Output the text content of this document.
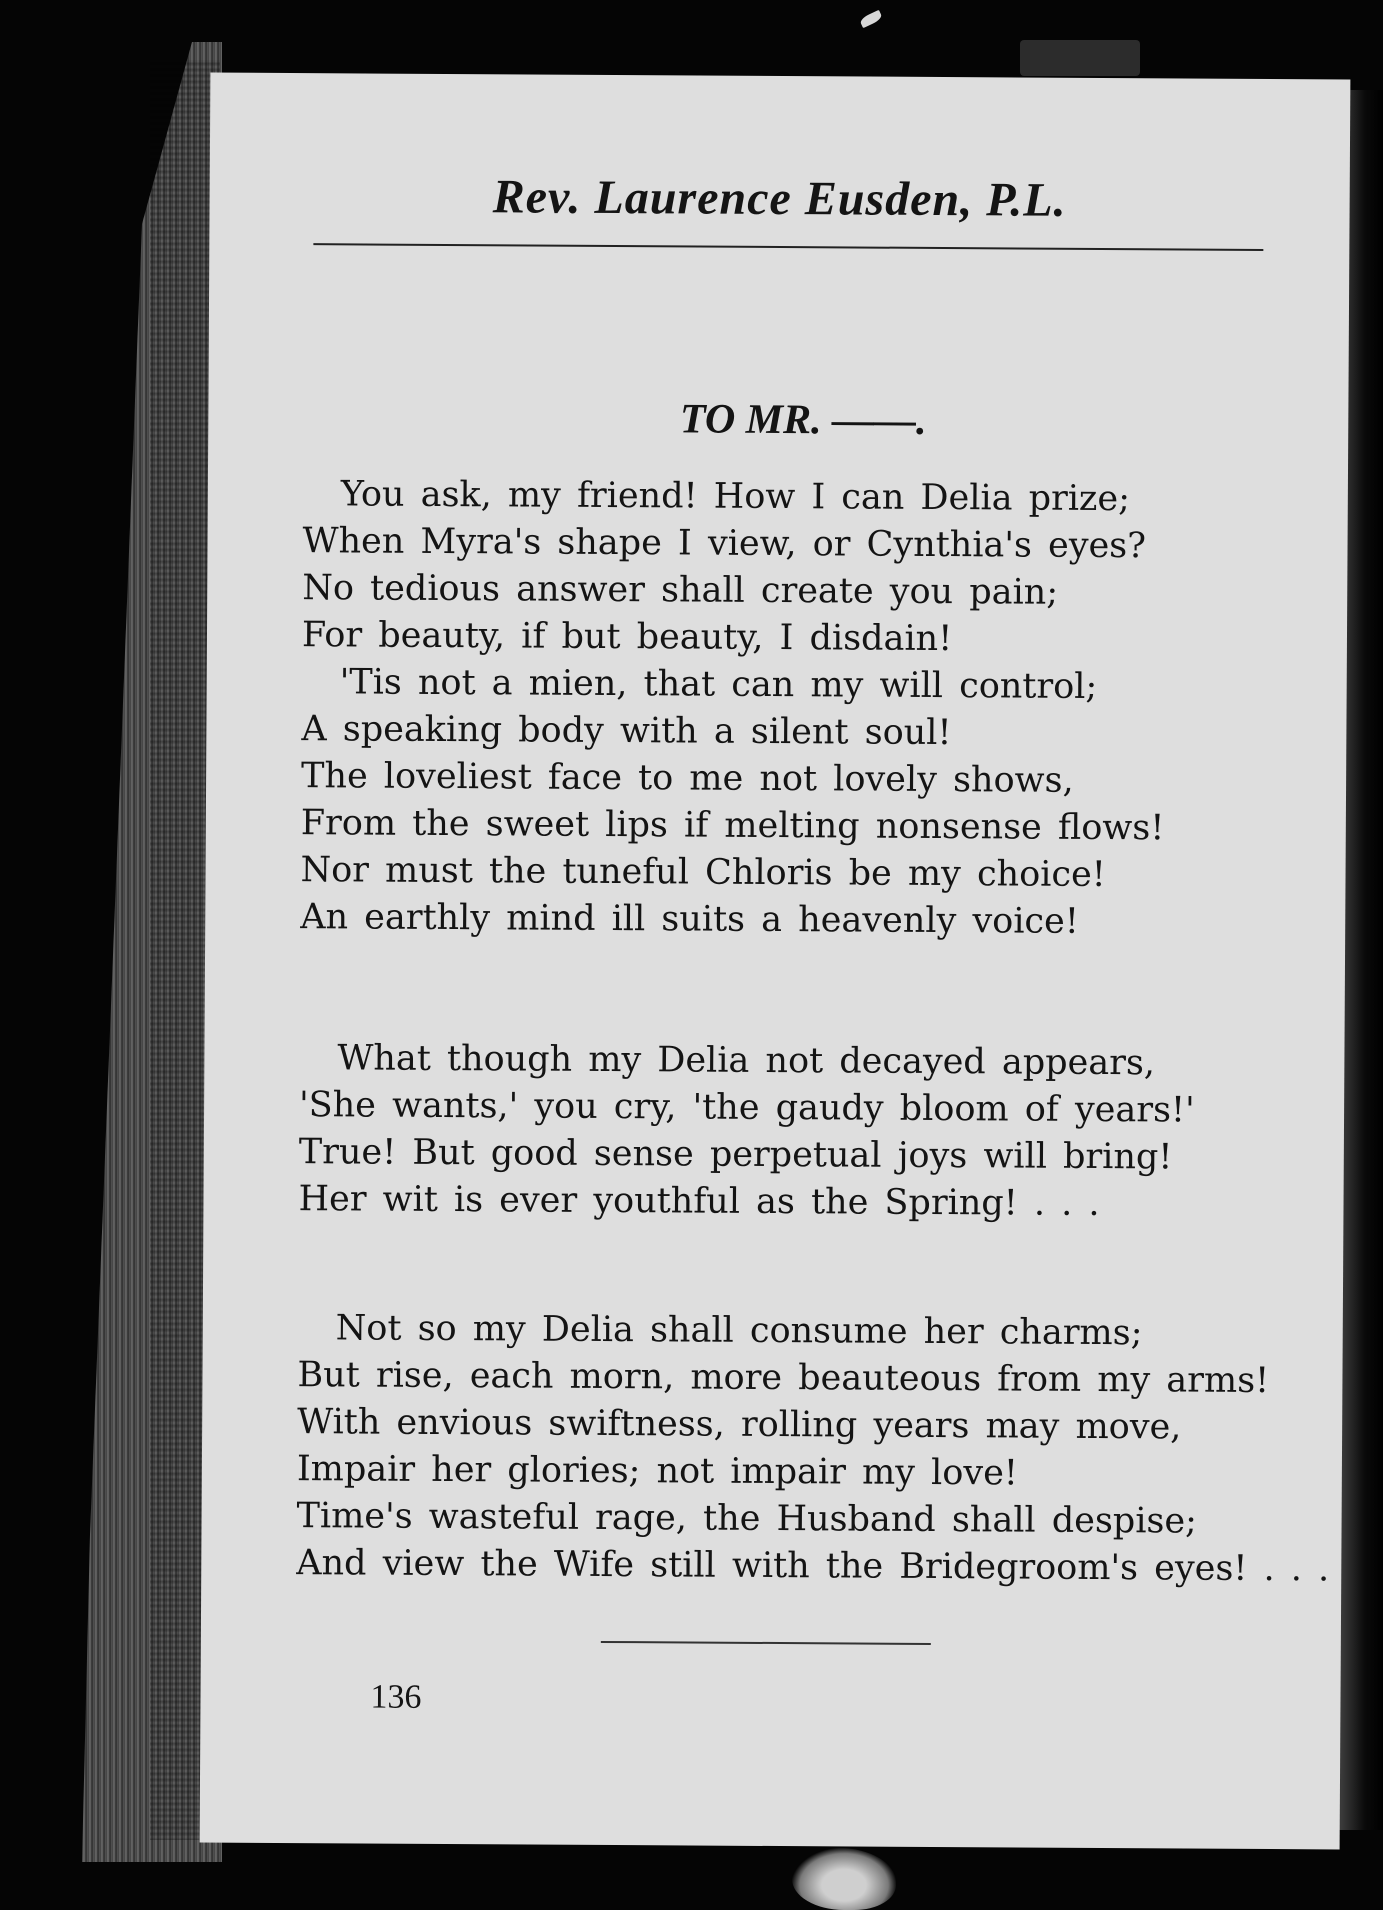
Rev. Laurence Eusden, P.L.
TO MR. ——.
You ask, my friend! How I can Delia prize;
When Myra's shape I view, or Cynthia's eyes?
No tedious answer shall create you pain;
For beauty, if but beauty, I disdain!
'Tis not a mien, that can my will control;
A speaking body with a silent soul!
The loveliest face to me not lovely shows,
From the sweet lips if melting nonsense flows!
Nor must the tuneful Chloris be my choice!
An earthly mind ill suits a heavenly voice!
What though my Delia not decayed appears,
'She wants,' you cry, 'the gaudy bloom of years!'
True! But good sense perpetual joys will bring!
Her wit is ever youthful as the Spring! . . .
Not so my Delia shall consume her charms;
But rise, each morn, more beauteous from my arms!
With envious swiftness, rolling years may move,
Impair her glories; not impair my love!
Time's wasteful rage, the Husband shall despise;
And view the Wife still with the Bridegroom's eyes! . . .
136
